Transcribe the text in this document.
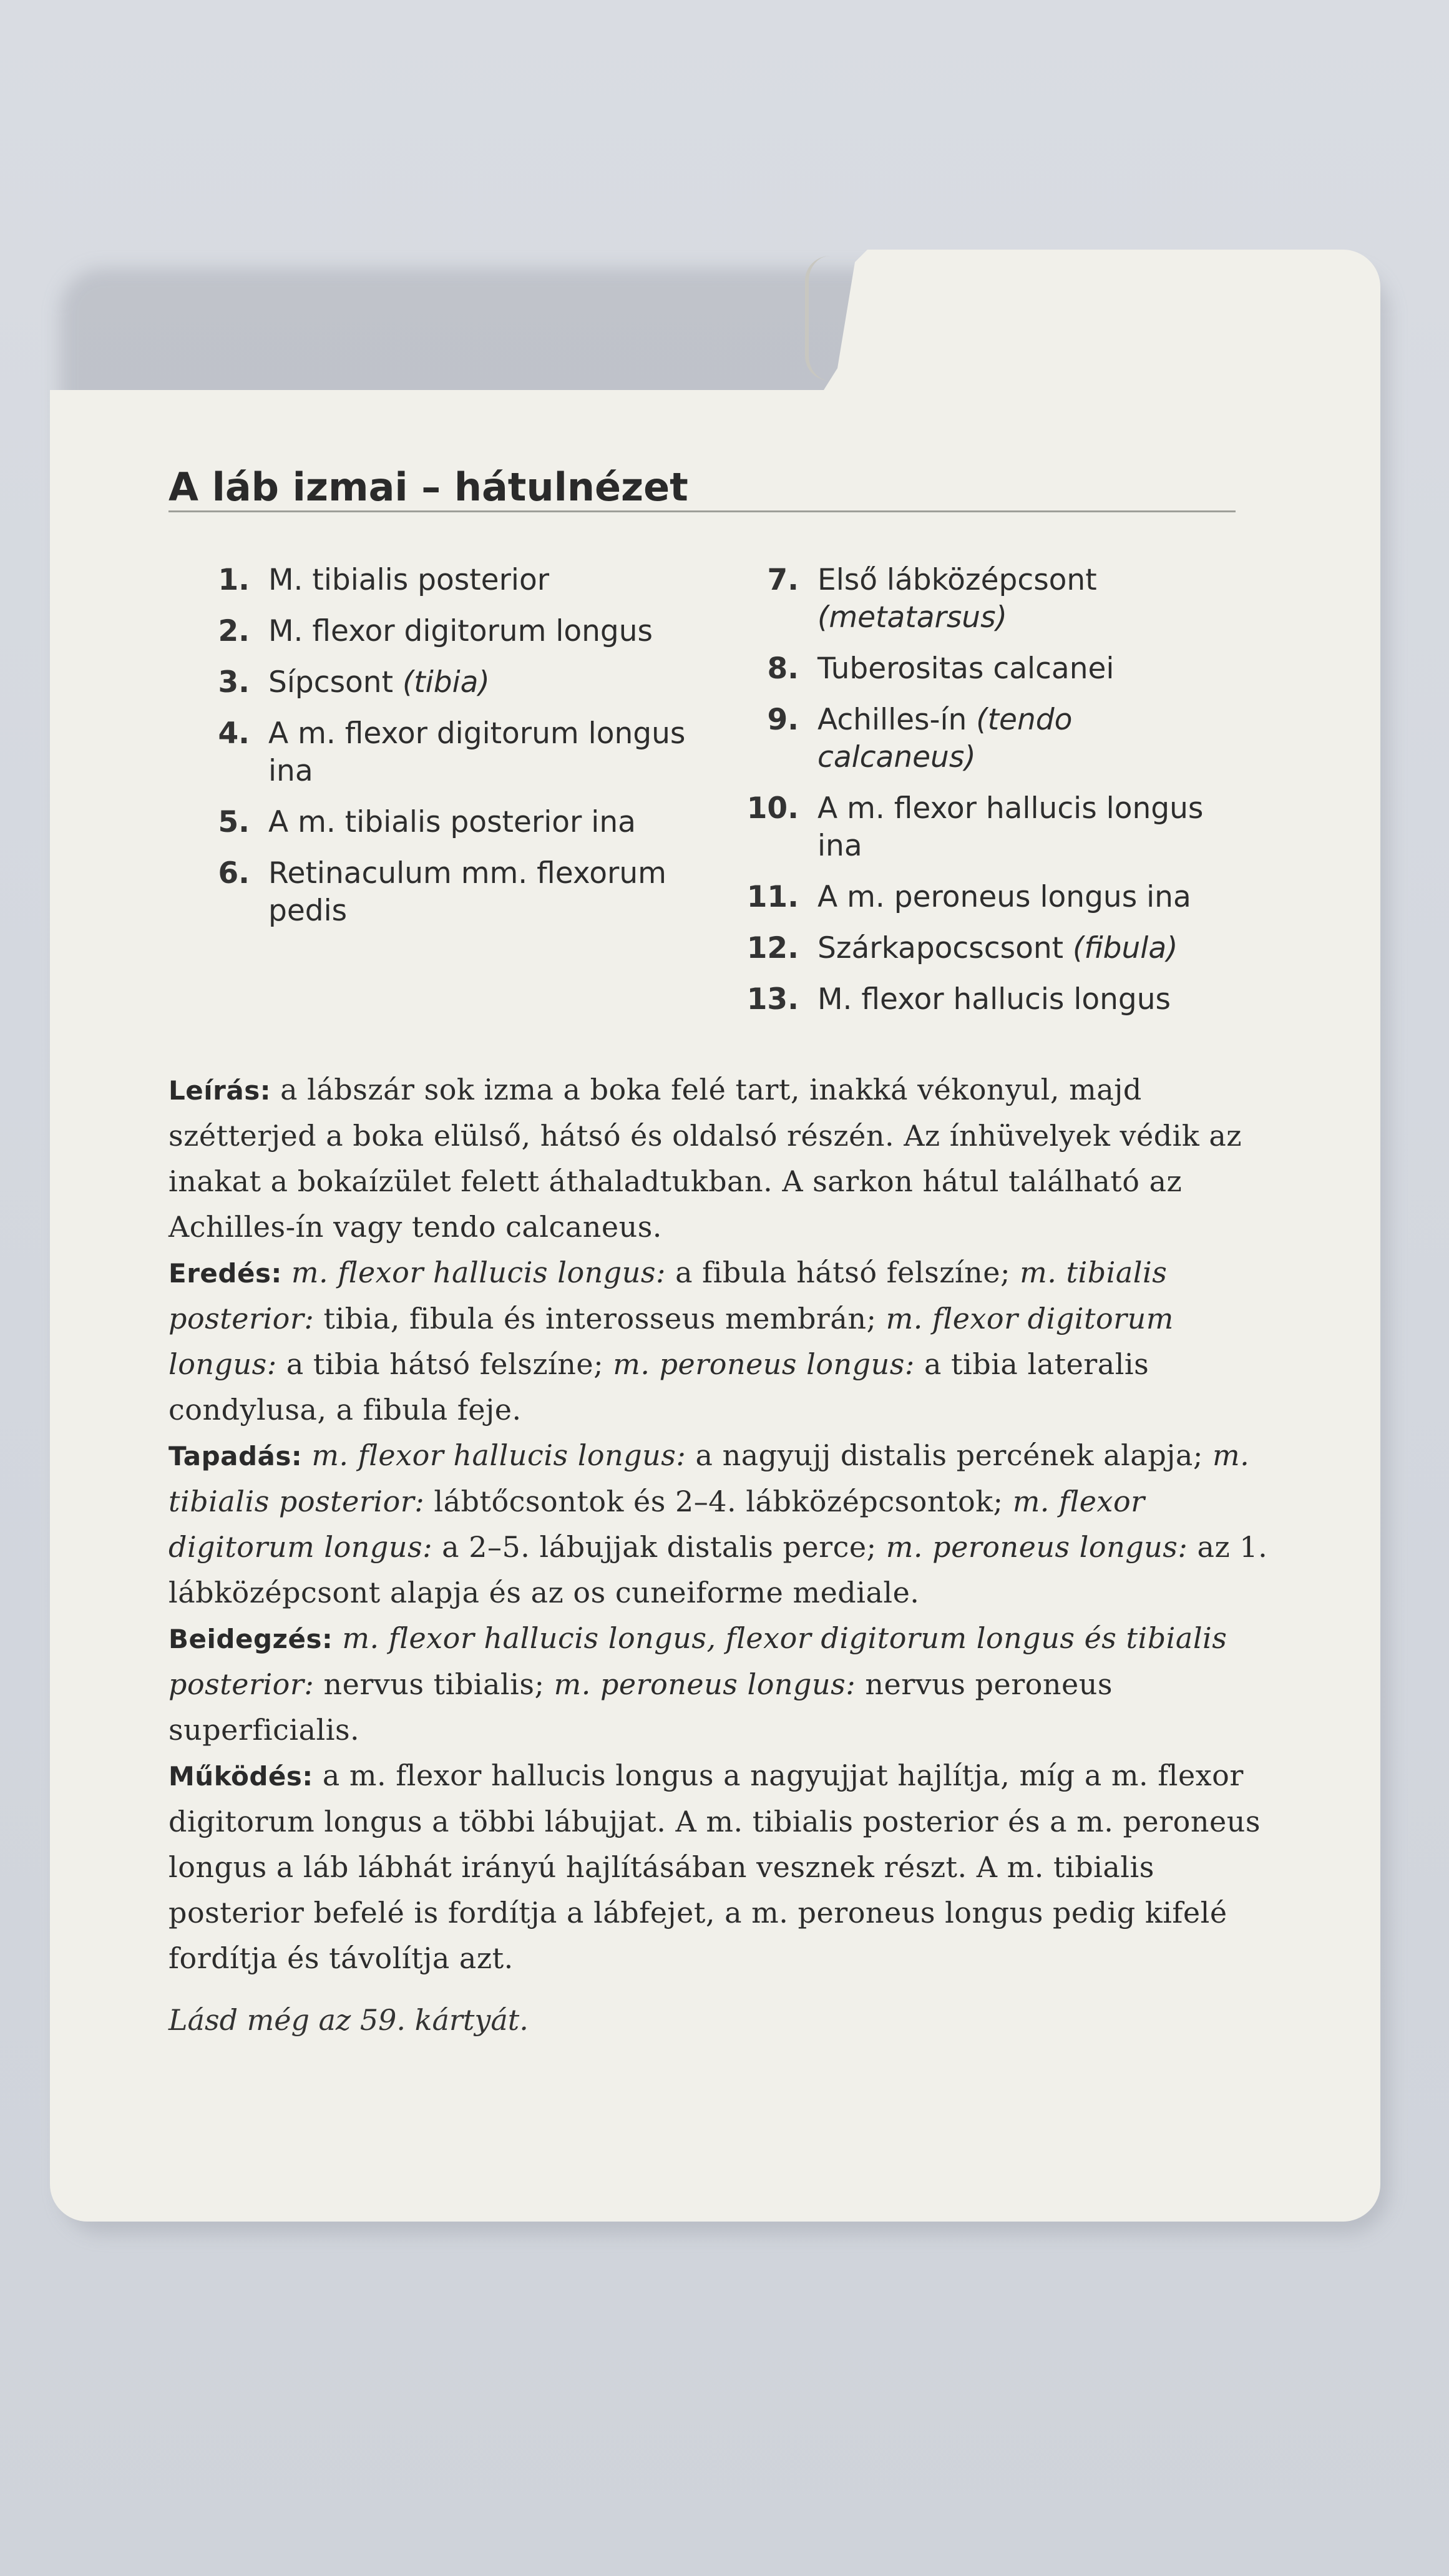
A láb izmai – hátulnézet
1. M. tibialis posterior
2. M. flexor digitorum longus
3. Sípcsont (tibia)
4. A m. flexor digitorum longus ina
5. A m. tibialis posterior ina
6. Retinaculum mm. flexorum pedis
7. Első lábközépcsont (metatarsus)
8. Tuberositas calcanei
9. Achilles-ín (tendo calcaneus)
10. A m. flexor hallucis longus ina
11. A m. peroneus longus ina
12. Szárkapocscsont (fibula)
13. M. flexor hallucis longus

Leírás: a lábszár sok izma a boka felé tart, inakká vékonyul, majd szétterjed a boka elülső, hátsó és oldalsó részén. Az ínhüvelyek védik az inakat a bokaízület felett áthaladtukban. A sarkon hátul található az Achilles-ín vagy tendo calcaneus.

Eredés: m. flexor hallucis longus: a fibula hátsó felszíne; m. tibialis posterior: tibia, fibula és interosseus membrán; m. flexor digitorum longus: a tibia hátsó felszíne; m. peroneus longus: a tibia lateralis condylusa, a fibula feje.

Tapadás: m. flexor hallucis longus: a nagyujj distalis percének alapja; m. tibialis posterior: lábtőcsontok és 2–4. lábközépcsontok; m. flexor digitorum longus: a 2–5. lábujjak distalis perce; m. peroneus longus: az 1. lábközépcsont alapja és az os cuneiforme mediale.

Beidegzés: m. flexor hallucis longus, flexor digitorum longus és tibialis posterior: nervus tibialis; m. peroneus longus: nervus peroneus superficialis.

Működés: a m. flexor hallucis longus a nagyujjat hajlítja, míg a m. flexor digitorum longus a többi lábujjat. A m. tibialis posterior és a m. peroneus longus a láb lábhát irányú hajlításában vesznek részt. A m. tibialis posterior befelé is fordítja a lábfejet, a m. peroneus longus pedig kifelé fordítja és távolítja azt.

Lásd még az 59. kártyát.
